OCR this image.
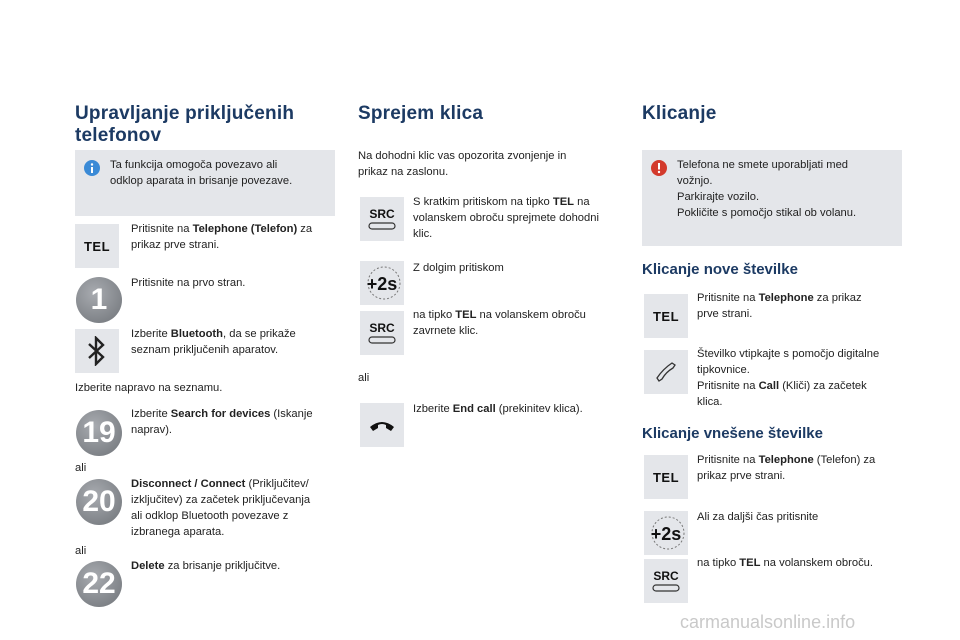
Upravljanje priključenih
telefonov
Ta funkcija omogoča povezavo ali
odklop aparata in brisanje povezave.
TEL
Pritisnite na Telephone (Telefon) za
prikaz prve strani.
1 Pritisnite na prvo stran.
Izberite Bluetooth, da se prikaže
seznam priključenih aparatov.
Izberite napravo na seznamu.
19
Izberite Search for devices (Iskanje
naprav).
ali
20
Disconnect / Connect (Priključitev/
izključitev) za začetek priključevanja
ali odklop Bluetooth povezave z
izbranega aparata.
ali
22
Delete za brisanje priključitve.
Sprejem klica
Na dohodni klic vas opozorita zvonjenje in
prikaz na zaslonu.
SRC
S kratkim pritiskom na tipko TEL na
volanskem obroču sprejmete dohodni
klic.
+2s
Z dolgim pritiskom
SRC
na tipko TEL na volanskem obroču
zavrnete klic.
ali
Izberite End call (prekinitev klica).
Klicanje
Telefona ne smete uporabljati med
vožnjo.
Parkirajte vozilo.
Pokličite s pomočjo stikal ob volanu.
Klicanje nove številke
TEL
Pritisnite na Telephone za prikaz
prve strani.
Številko vtipkajte s pomočjo digitalne
tipkovnice.
Pritisnite na Call (Kliči) za začetek
klica.
Klicanje vnešene številke
TEL
Pritisnite na Telephone (Telefon) za
prikaz prve strani.
+2s
Ali za daljši čas pritisnite
SRC
na tipko TEL na volanskem obroču.
carmanualsonline.info
